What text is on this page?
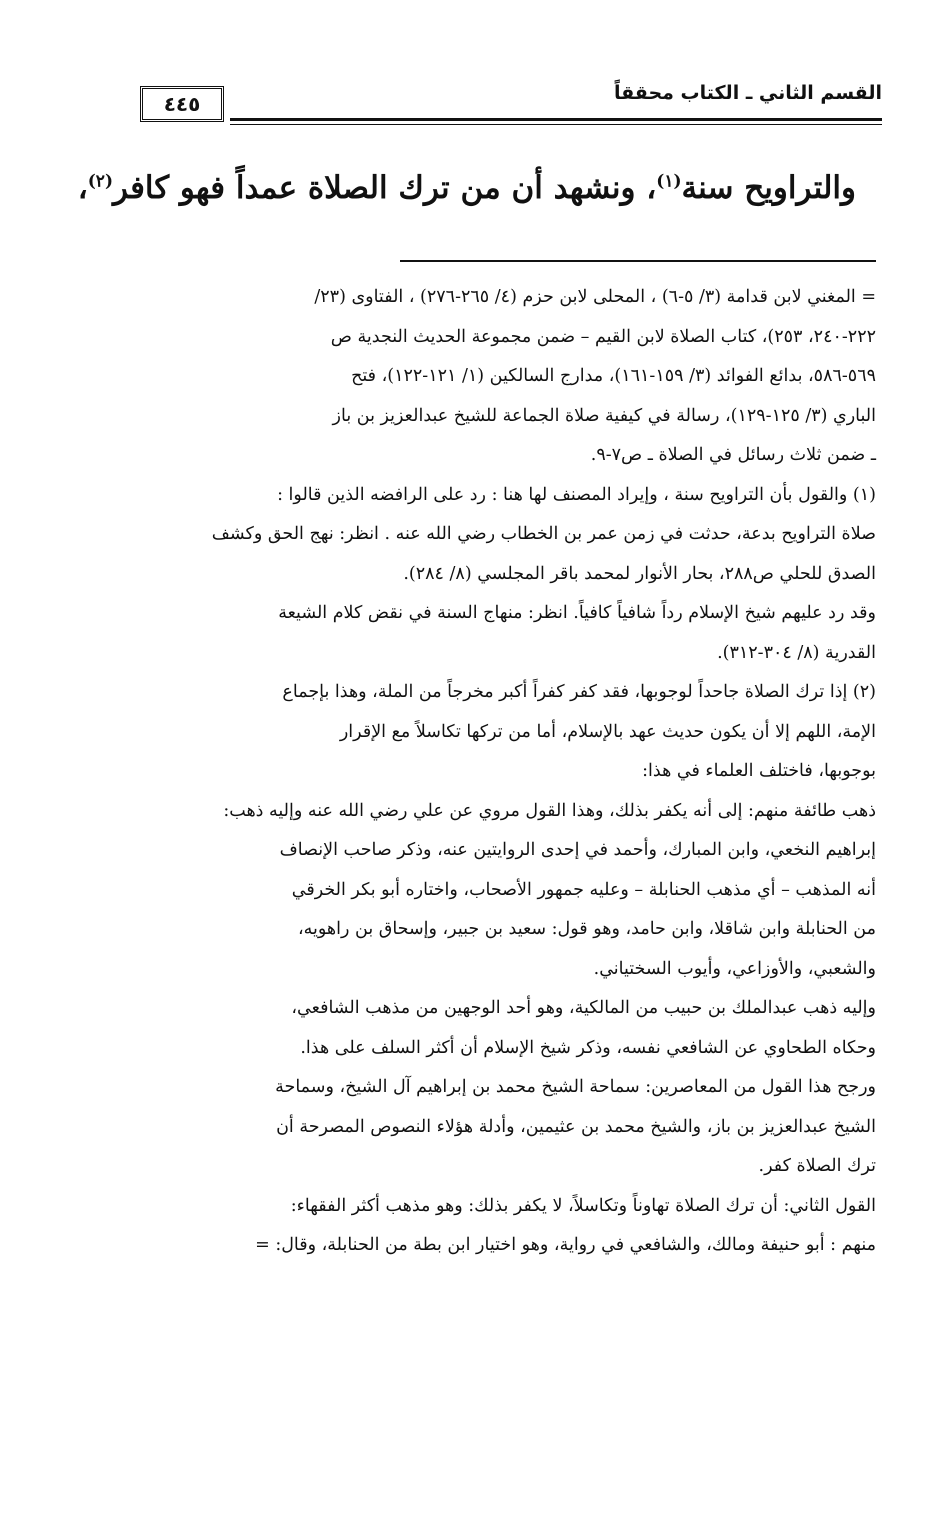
٤٤٥	القسم الثاني ـ الكتاب محققاً
والتراويح سنة$^{(١)}$، ونشهد أن من ترك الصلاة عمداً فهو كافر$^{(٢)}$،

= المغني لابن قدامة (٣/ ٥-٦) ، المحلى لابن حزم (٤/ ٢٦٥-٢٧٦) ، الفتاوى (٢٣/

٢٢٢-٢٤٠، ٢٥٣)، كتاب الصلاة لابن القيم – ضمن مجموعة الحديث النجدية ص

٥٦٩-٥٨٦، بدائع الفوائد (٣/ ١٥٩-١٦١)، مدارج السالكين (١/ ١٢١-١٢٢)، فتح

الباري (٣/ ١٢٥-١٢٩)، رسالة في كيفية صلاة الجماعة للشيخ عبدالعزيز بن باز

ـ ضمن ثلاث رسائل في الصلاة ـ ص٧-٩.

(١) والقول بأن التراويح سنة ، وإيراد المصنف لها هنا : رد على الرافضه الذين قالوا :

صلاة التراويح بدعة، حدثت في زمن عمر بن الخطاب رضي الله عنه . انظر: نهج الحق وكشف

الصدق للحلي ص٢٨٨، بحار الأنوار لمحمد باقر المجلسي (٨/ ٢٨٤).

وقد رد عليهم شيخ الإسلام رداً شافياً كافياً. انظر: منهاج السنة في نقض كلام الشيعة

القدرية (٨/ ٣٠٤-٣١٢).

(٢) إذا ترك الصلاة جاحداً لوجوبها، فقد كفر كفراً أكبر مخرجاً من الملة، وهذا بإجماع

الإمة، اللهم إلا أن يكون حديث عهد بالإسلام، أما من تركها تكاسلاً مع الإقرار

بوجوبها، فاختلف العلماء في هذا:

ذهب طائفة منهم: إلى أنه يكفر بذلك، وهذا القول مروي عن علي رضي الله عنه وإليه ذهب:

إبراهيم النخعي، وابن المبارك، وأحمد في إحدى الروايتين عنه، وذكر صاحب الإنصاف

أنه المذهب – أي مذهب الحنابلة – وعليه جمهور الأصحاب، واختاره أبو بكر الخرقي

من الحنابلة وابن شاقلا، وابن حامد، وهو قول: سعيد بن جبير، وإسحاق بن راهويه،

والشعبي، والأوزاعي، وأيوب السختياني.

وإليه ذهب عبدالملك بن حبيب من المالكية، وهو أحد الوجهين من مذهب الشافعي،

وحكاه الطحاوي عن الشافعي نفسه، وذكر شيخ الإسلام أن أكثر السلف على هذا.

ورجح هذا القول من المعاصرين: سماحة الشيخ محمد بن إبراهيم آل الشيخ، وسماحة

الشيخ عبدالعزيز بن باز، والشيخ محمد بن عثيمين، وأدلة هؤلاء النصوص المصرحة أن

ترك الصلاة كفر.

القول الثاني: أن ترك الصلاة تهاوناً وتكاسلاً، لا يكفر بذلك: وهو مذهب أكثر الفقهاء:

منهم : أبو حنيفة ومالك، والشافعي في رواية، وهو اختيار ابن بطة من الحنابلة، وقال: =
